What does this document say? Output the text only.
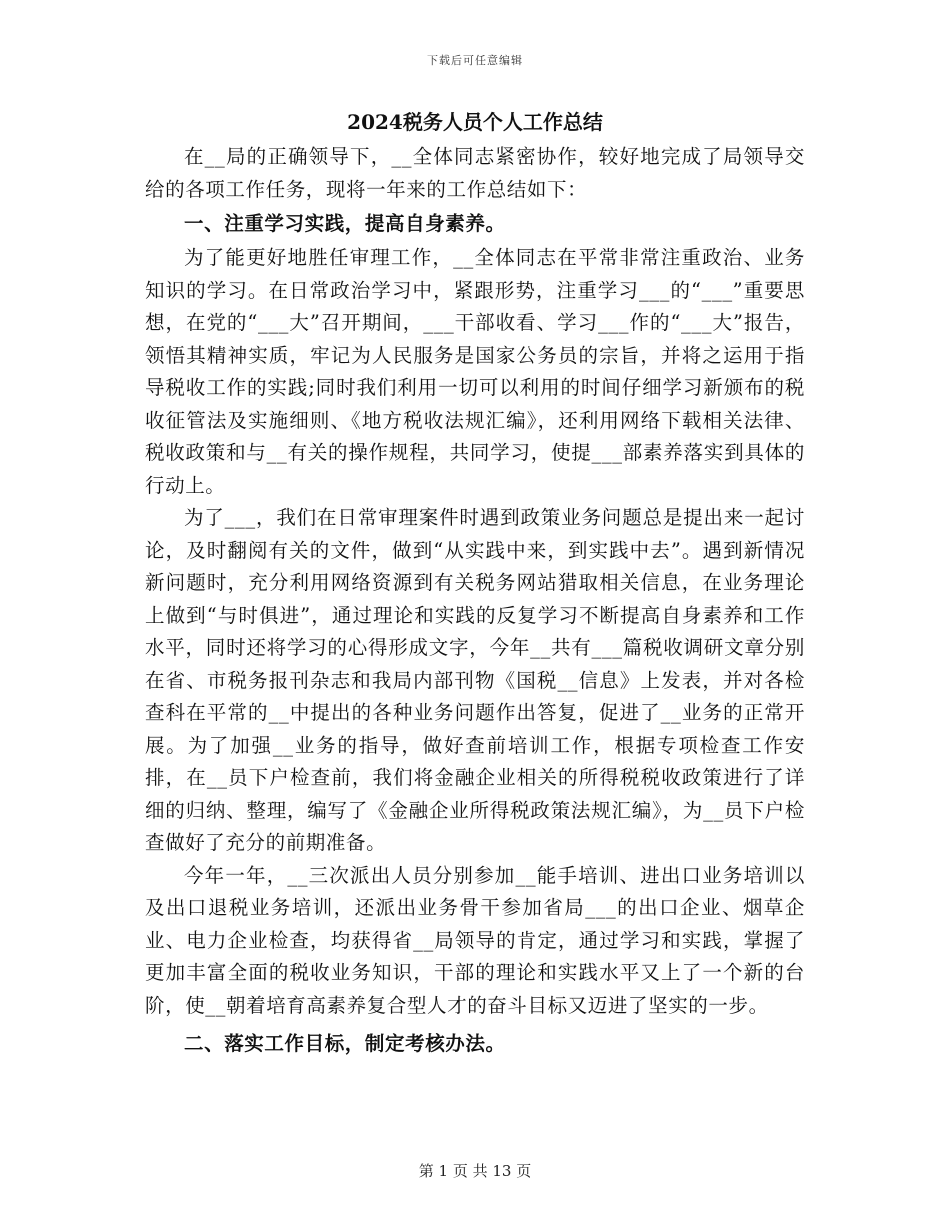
下载后可任意编辑
2024税务人员个人工作总结

在__局的正确领导下，__全体同志紧密协作，较好地完成了局领导交给的各项工作任务，现将一年来的工作总结如下：

一、注重学习实践，提高自身素养。

为了能更好地胜任审理工作，__全体同志在平常非常注重政治、业务知识的学习。在日常政治学习中，紧跟形势，注重学习___的“___”重要思想，在党的“___大”召开期间，___干部收看、学习___作的“___大”报告，领悟其精神实质，牢记为人民服务是国家公务员的宗旨，并将之运用于指导税收工作的实践;同时我们利用一切可以利用的时间仔细学习新颁布的税收征管法及实施细则、《地方税收法规汇编》，还利用网络下载相关法律、税收政策和与__有关的操作规程，共同学习，使提___部素养落实到具体的行动上。

为了___，我们在日常审理案件时遇到政策业务问题总是提出来一起讨论，及时翻阅有关的文件，做到“从实践中来，到实践中去”。遇到新情况新问题时，充分利用网络资源到有关税务网站猎取相关信息，在业务理论上做到“与时俱进”，通过理论和实践的反复学习不断提高自身素养和工作水平，同时还将学习的心得形成文字，今年__共有___篇税收调研文章分别在省、市税务报刊杂志和我局内部刊物《国税__信息》上发表，并对各检查科在平常的__中提出的各种业务问题作出答复，促进了__业务的正常开展。为了加强__业务的指导，做好查前培训工作，根据专项检查工作安排，在__员下户检查前，我们将金融企业相关的所得税税收政策进行了详细的归纳、整理，编写了《金融企业所得税政策法规汇编》，为__员下户检查做好了充分的前期准备。

今年一年，__三次派出人员分别参加__能手培训、进出口业务培训以及出口退税业务培训，还派出业务骨干参加省局___的出口企业、烟草企业、电力企业检查，均获得省__局领导的肯定，通过学习和实践，掌握了更加丰富全面的税收业务知识，干部的理论和实践水平又上了一个新的台阶，使__朝着培育高素养复合型人才的奋斗目标又迈进了坚实的一步。

二、落实工作目标，制定考核办法。

第 1 页 共 13 页
